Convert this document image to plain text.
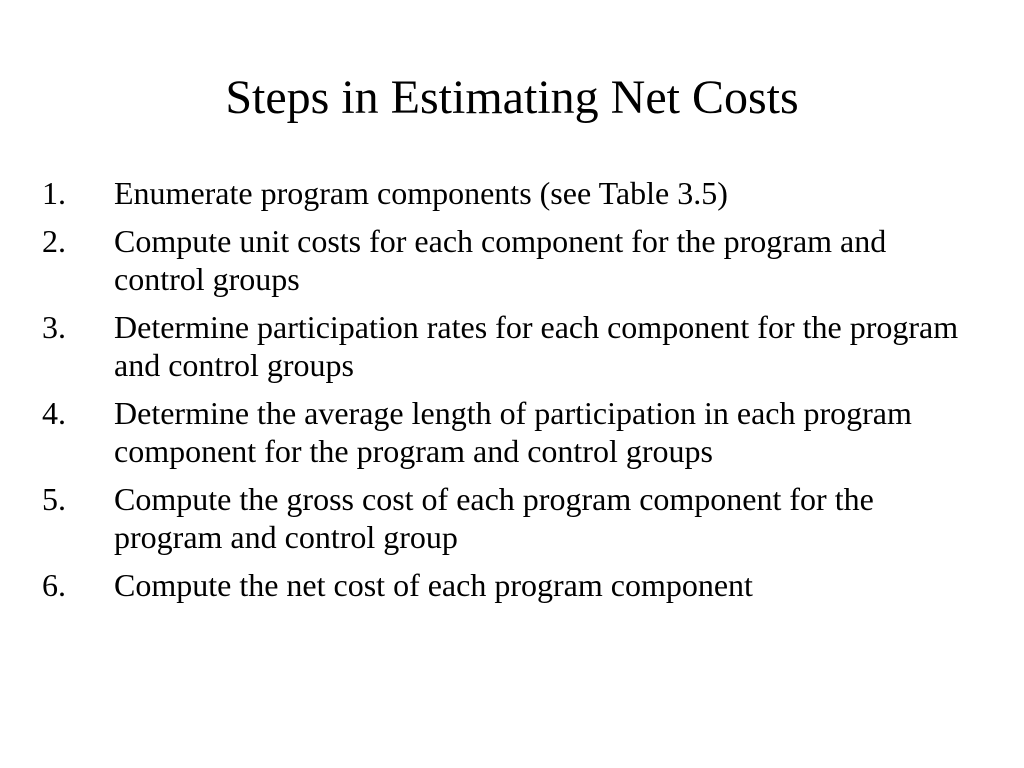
Steps in Estimating Net Costs
1.	Enumerate program components (see Table 3.5)
2.	Compute unit costs for each component for the program and control groups
3.	Determine participation rates for each component for the program and control groups
4.	Determine the average length of participation in each program component for the program and control groups
5.	Compute the gross cost of each program component for the program and control group
6.	Compute the net cost of each program component
